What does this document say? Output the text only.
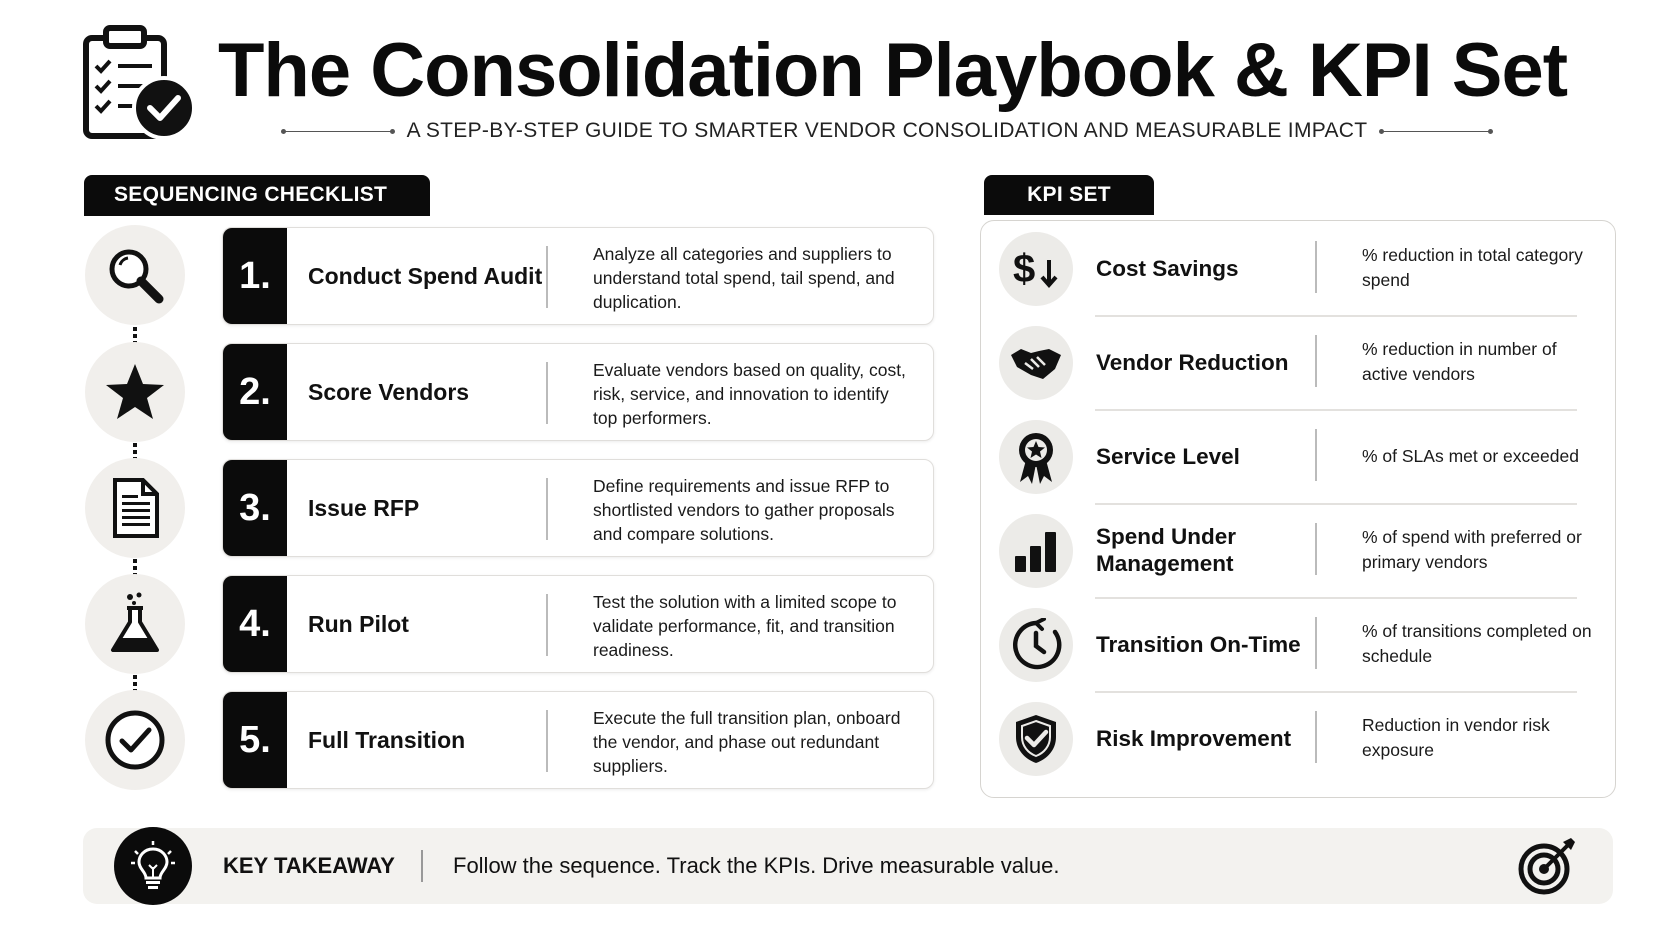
The Consolidation Playbook & KPI Set
A STEP-BY-STEP GUIDE TO SMARTER VENDOR CONSOLIDATION AND MEASURABLE IMPACT
SEQUENCING CHECKLIST	KPI SET
1.	Conduct Spend Audit
Analyze all categories and suppliers to understand total spend, tail spend, and duplication.
2.	Score Vendors
Evaluate vendors based on quality, cost, risk, service, and innovation to identify top performers.
3.	Issue RFP
Define requirements and issue RFP to shortlisted vendors to gather proposals and compare solutions.
4.	Run Pilot
Test the solution with a limited scope to validate performance, fit, and transition readiness.
5.	Full Transition
Execute the full transition plan, onboard the vendor, and phase out redundant suppliers.
$	Cost Savings
% reduction in total category spend
Vendor Reduction
% reduction in number of active vendors
Service Level	% of SLAs met or exceeded
Spend Under Management
% of spend with preferred or primary vendors
Transition On-Time
% of transitions completed on schedule
Risk Improvement
Reduction in vendor risk exposure
KEY TAKEAWAY	Follow the sequence. Track the KPIs. Drive measurable value.
